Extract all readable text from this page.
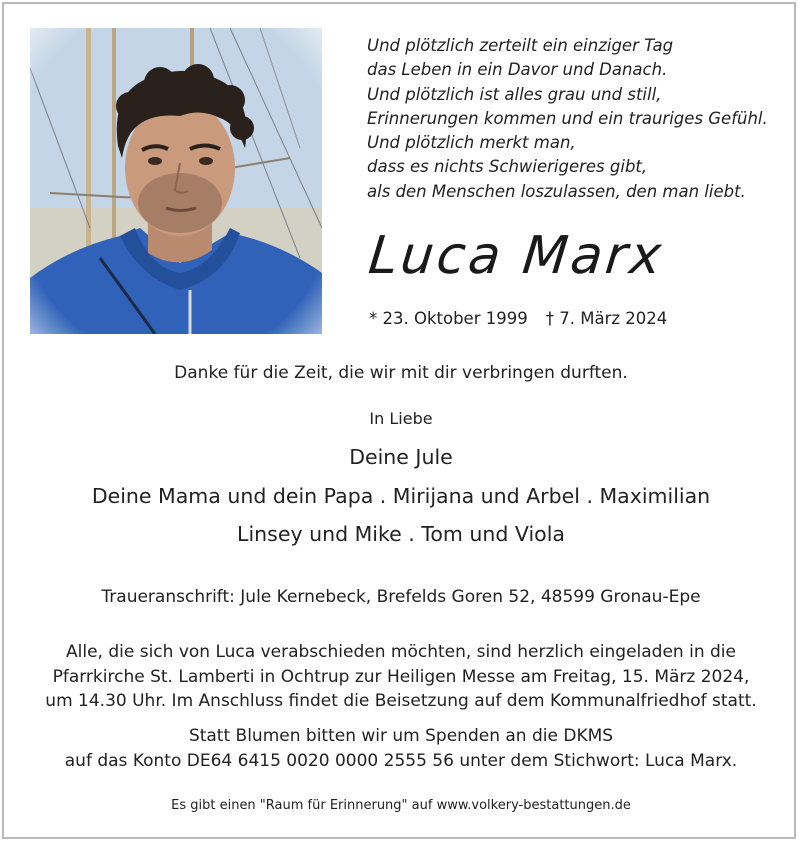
Und plötzlich zerteilt ein einziger Tag
das Leben in ein Davor und Danach.
Und plötzlich ist alles grau und still,
Erinnerungen kommen und ein trauriges Gefühl.
Und plötzlich merkt man,
dass es nichts Schwierigeres gibt,
als den Menschen loszulassen, den man liebt.
Luca Marx
* 23. Oktober 1999 † 7. März 2024
Danke für die Zeit, die wir mit dir verbringen durften.
In Liebe
Deine Jule
Deine Mama und dein Papa . Mirijana und Arbel . Maximilian
Linsey und Mike . Tom und Viola
Traueranschrift: Jule Kernebeck, Brefelds Goren 52, 48599 Gronau-Epe
Alle, die sich von Luca verabschieden möchten, sind herzlich eingeladen in die
Pfarrkirche St. Lamberti in Ochtrup zur Heiligen Messe am Freitag, 15. März 2024,
um 14.30 Uhr. Im Anschluss findet die Beisetzung auf dem Kommunalfriedhof statt.
Statt Blumen bitten wir um Spenden an die DKMS
auf das Konto DE64 6415 0020 0000 2555 56 unter dem Stichwort: Luca Marx.
Es gibt einen "Raum für Erinnerung" auf www.volkery-bestattungen.de
